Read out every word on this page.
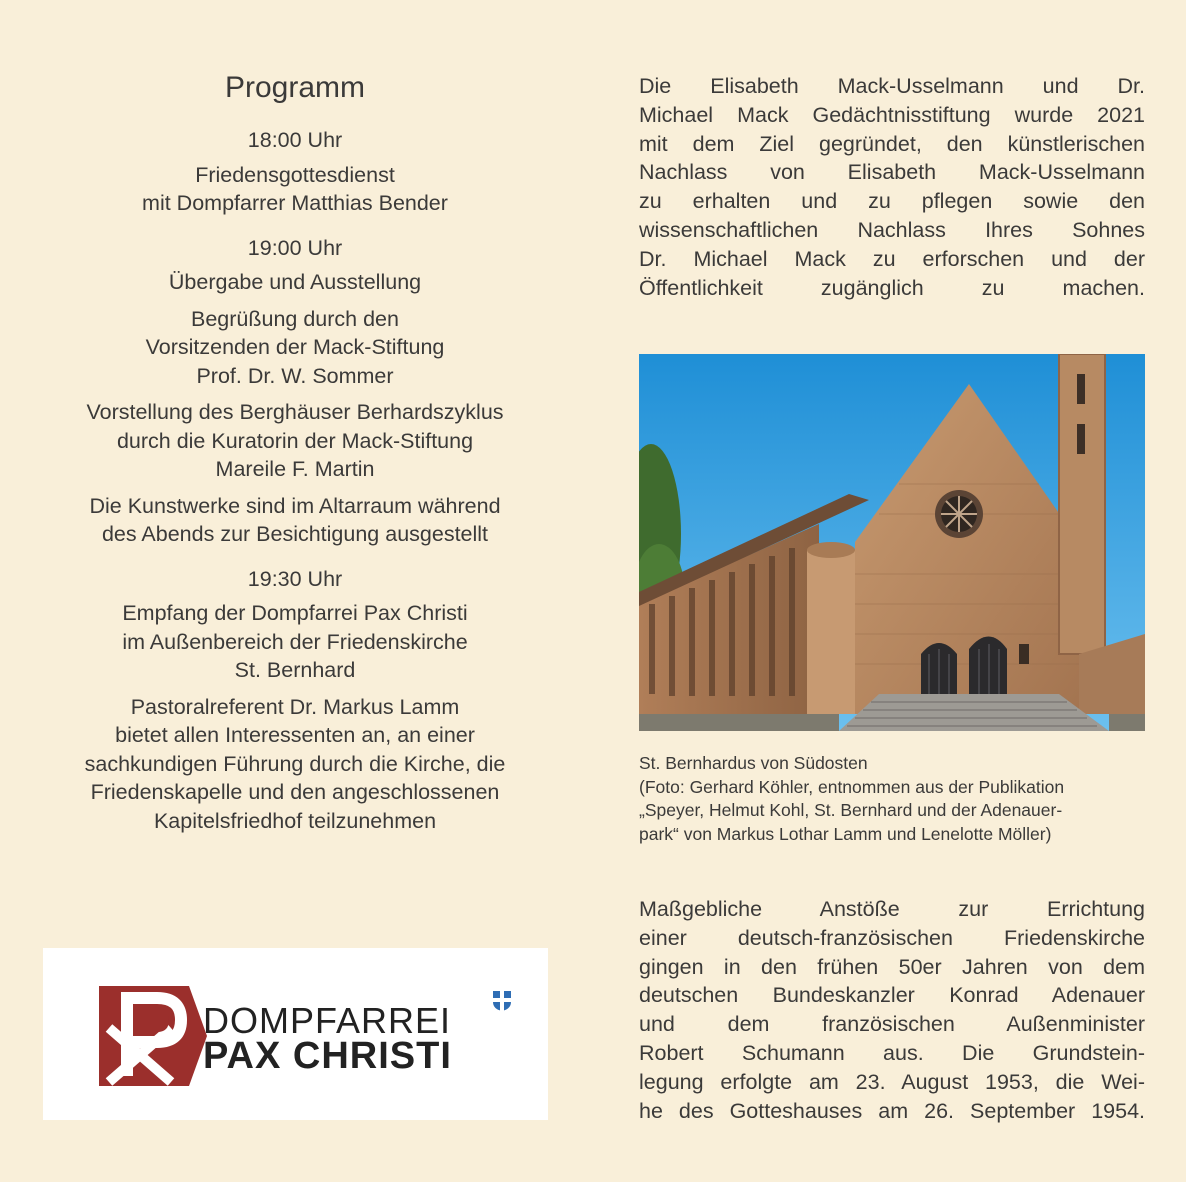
Programm
18:00 Uhr
Friedensgottesdienst
mit Dompfarrer Matthias Bender
19:00 Uhr
Übergabe und Ausstellung
Begrüßung durch den
Vorsitzenden der Mack-Stiftung
Prof. Dr. W. Sommer
Vorstellung des Berghäuser Berhardszyklus
durch die Kuratorin der Mack-Stiftung
Mareile F. Martin
Die Kunstwerke sind im Altarraum während
des Abends zur Besichtigung ausgestellt
19:30 Uhr
Empfang der Dompfarrei Pax Christi
im Außenbereich der Friedenskirche
St. Bernhard
Pastoralreferent Dr. Markus Lamm
bietet allen Interessenten an, an einer
sachkundigen Führung durch die Kirche, die
Friedenskapelle und den angeschlossenen
Kapitelsfriedhof teilzunehmen
DOMPFARREI
PAX CHRISTI
Die Elisabeth Mack-Usselmann und Dr.
Michael Mack Gedächtnisstiftung wurde 2021
mit dem Ziel gegründet, den künstlerischen
Nachlass von Elisabeth Mack-Usselmann
zu erhalten und zu pflegen sowie den
wissenschaftlichen Nachlass Ihres Sohnes
Dr. Michael Mack zu erforschen und der
Öffentlichkeit zugänglich zu machen.
St. Bernhardus von Südosten
(Foto: Gerhard Köhler, entnommen aus der Publikation
„Speyer, Helmut Kohl, St. Bernhard und der Adenauer-
park“ von Markus Lothar Lamm und Lenelotte Möller)
Maßgebliche Anstöße zur Errichtung
einer deutsch-französischen Friedenskirche
gingen in den frühen 50er Jahren von dem
deutschen Bundeskanzler Konrad Adenauer
und dem französischen Außenminister
Robert Schumann aus. Die Grundstein-
legung erfolgte am 23. August 1953, die Wei-
he des Gotteshauses am 26. September 1954.
